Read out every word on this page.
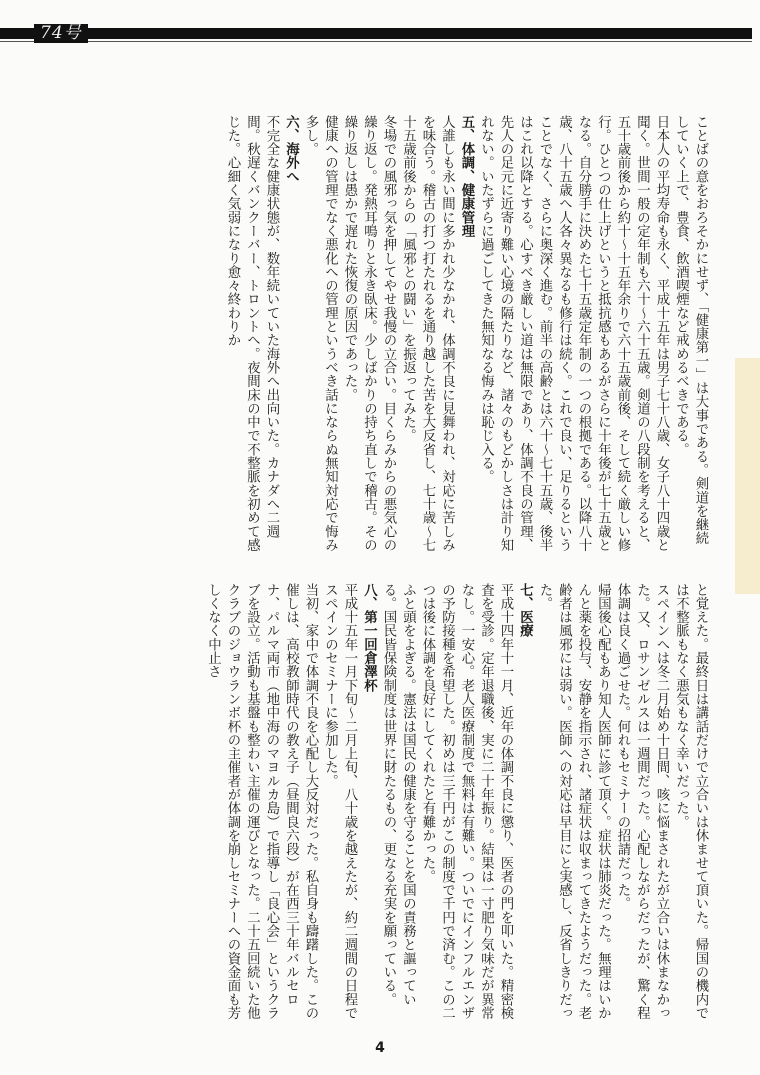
74号

ことばの意をおろそかにせず、「健康第一」は大事である。剣道を継続していく上で、豊食、飲酒喫煙など戒めるべきである。

日本人の平均寿命も永く、平成十五年は男子七十八歳、女子八十四歳と聞く。世間一般の定年制も六十〜六十五歳。剣道の八段制を考えると、五十歳前後から約十〜十五年余りで六十五歳前後、そして続く厳しい修行。ひとつの仕上げというと抵抗感もあるがさらに十年後が七十五歳となる。自分勝手に決めた七十五歳定年制の一つの根拠である。以降八十歳、八十五歳へ人各々異なるも修行は続く。これで良い、足りるということでなく、さらに奥深く進む。前半の高齢とは六十〜七十五歳、後半はこれ以降とする。心すべき厳しい道は無限であり、体調不良の管理、先人の足元に近寄り難い心境の隔たりなど、諸々のもどかしさは計り知れない。いたずらに過ごしてきた無知なる悔みは恥じ入る。

五、体調、健康管理

人誰しも永い間に多かれ少なかれ、体調不良に見舞われ、対応に苦しみを味合う。稽古の打つ打たれるを通り越した苦を大反省し、七十歳〜七十五歳前後からの「風邪との闘い」を振返ってみた。

冬場での風邪っ気を押してやせ我慢の立合い。目くらみからの悪気心の繰り返し。発熱耳鳴りと永き臥床。少しばかりの持ち直しで稽古。その繰り返しは愚かで遅れた恢復の原因であった。

健康への管理でなく悪化への管理というべき話にならぬ無知対応で悔み多し。

六、海外へ

不完全な健康状態が、数年続いていた海外へ出向いた。カナダへ二週間。秋遅くバンクーバー、トロントへ。夜間床の中で不整脈を初めて感じた。心細く気弱になり愈々終わりか

と覚えた。最終日は講話だけで立合いは休ませて頂いた。帰国の機内では不整脈もなく悪気もなく幸いだった。

スペインへは冬二月始め十日間、咳に悩まされたが立合いは休まなかった。又、ロサンゼルスは一週間だった。心配しながらだったが、驚く程体調は良く過ごせた。何れもセミナーの招請だった。

帰国後心配もあり知人医師に診て頂く。症状は肺炎だった。無理はいかんと薬を投与、安静を指示され、諸症状は収まってきたようだった。老齢者は風邪には弱い。医師への対応は早目にと実感し、反省しきりだった。

七、医療

平成十四年十一月、近年の体調不良に懲り、医者の門を叩いた。精密検査を受診。定年退職後、実に二十年振り。結果は一寸肥り気味だが異常なし。一安心。老人医療制度で無料は有難い。ついでにインフルエンザの予防接種を希望した。初めは三千円がこの制度で千円で済む。この二つは後に体調を良好にしてくれたと有難かった。

ふと頭をよぎる。憲法は国民の健康を守ることを国の責務と謳っている。国民皆保険制度は世界に財たるもの、更なる充実を願っている。

八、第一回倉澤杯

平成十五年一月下旬〜二月上旬、八十歳を越えたが、約二週間の日程でスペインのセミナーに参加した。

当初、家中で体調不良を心配し大反対だった。私自身も躊躇した。この催しは、高校教師時代の教え子（昼間良六段）が在西三十年バルセロナ、パルマ両市（地中海のマヨルカ島）で指導し「良心会」というクラブを設立。活動も基盤も整わい主催の運びとなった。二十五回続いた他クラブのジョウランボ杯の主催者が体調を崩しセミナーへの資金面も芳しくなく中止さ

4
